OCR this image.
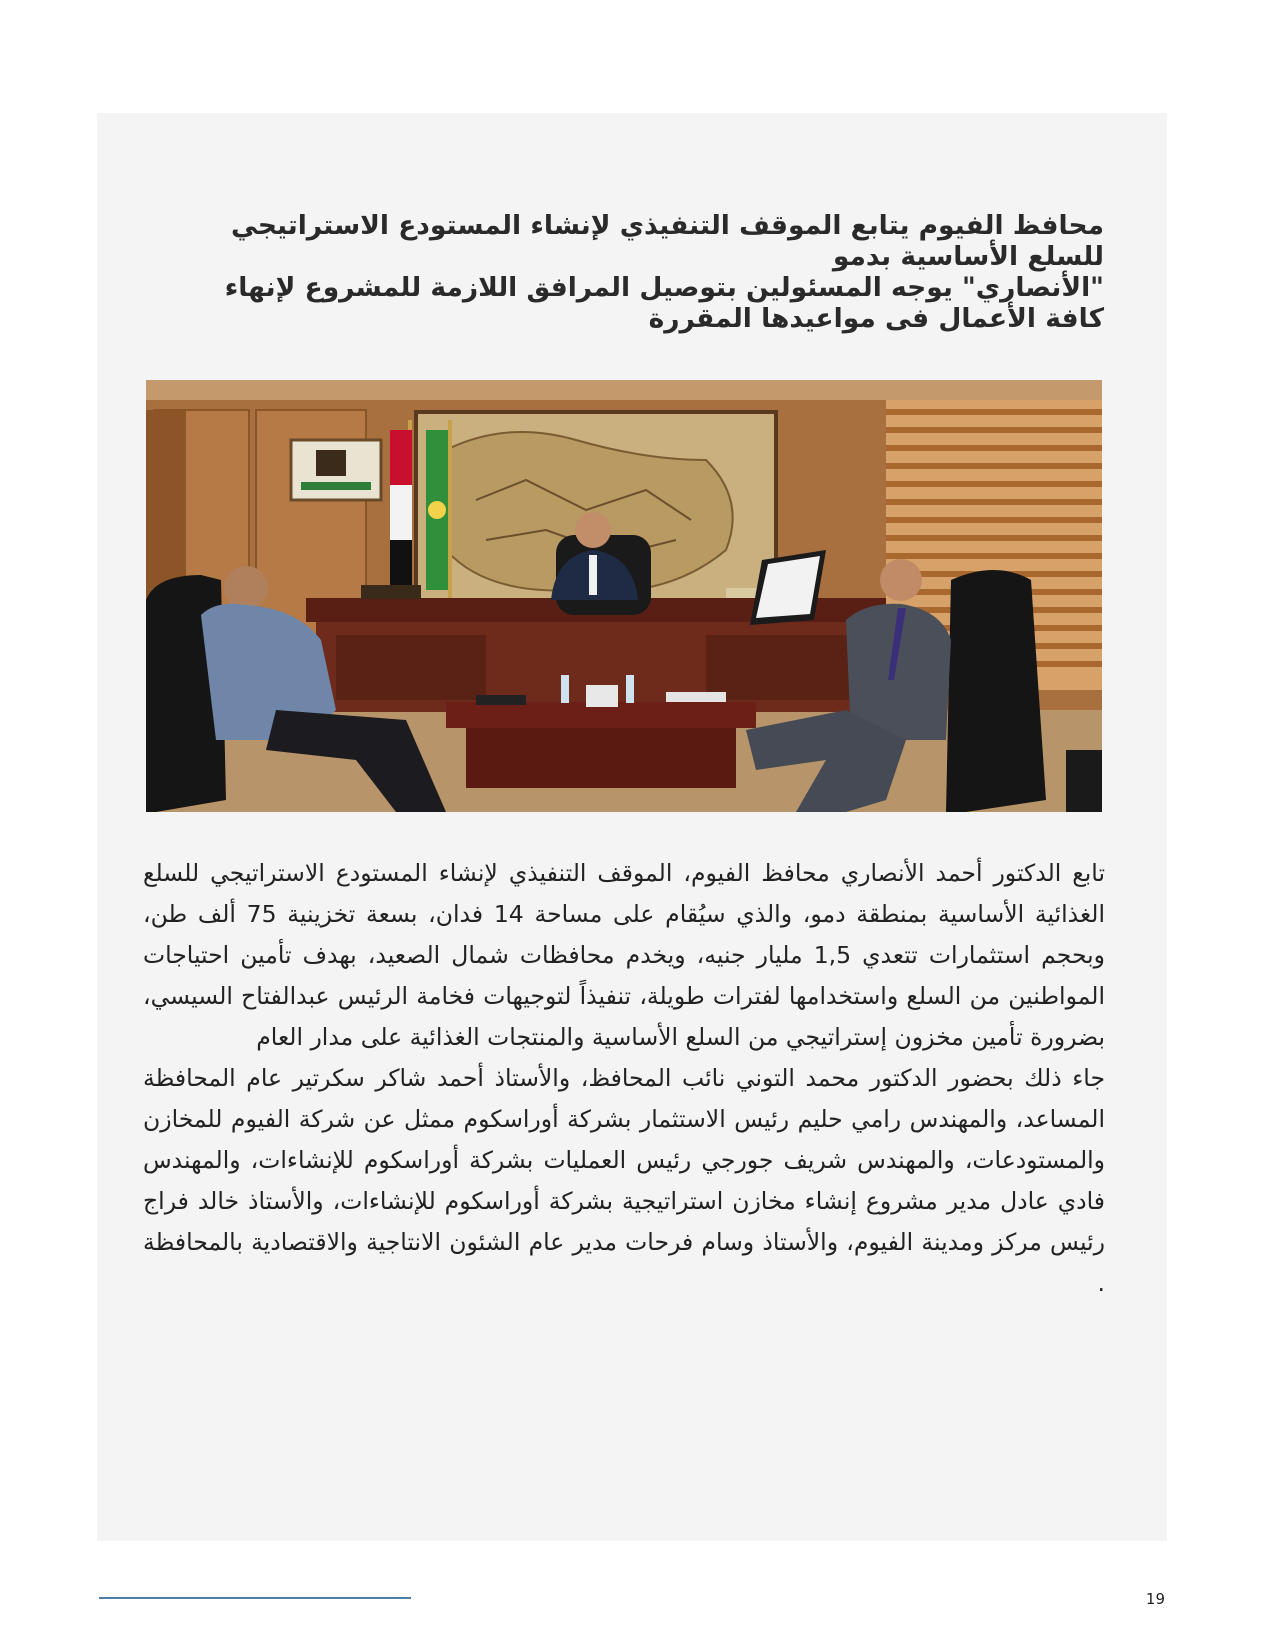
محافظ الفيوم يتابع الموقف التنفيذي لإنشاء المستودع الاستراتيجي
للسلع الأساسية بدمو
"الأنصاري" يوجه المسئولين بتوصيل المرافق اللازمة للمشروع لإنهاء
كافة الأعمال فى مواعيدها المقررة

تابع الدكتور أحمد الأنصاري محافظ الفيوم، الموقف التنفيذي لإنشاء المستودع الاستراتيجي للسلع الغذائية الأساسية بمنطقة دمو، والذي سيُقام على مساحة 14 فدان، بسعة تخزينية 75 ألف طن، وبحجم استثمارات تتعدي 1,5 مليار جنيه، ويخدم محافظات شمال الصعيد، بهدف تأمين احتياجات المواطنين من السلع واستخدامها لفترات طويلة، تنفيذاً لتوجيهات فخامة الرئيس عبدالفتاح السيسي، بضرورة تأمين مخزون إستراتيجي من السلع الأساسية والمنتجات الغذائية على مدار العام

جاء ذلك بحضور الدكتور محمد التوني نائب المحافظ، والأستاذ أحمد شاكر سكرتير عام المحافظة المساعد، والمهندس رامي حليم رئيس الاستثمار بشركة أوراسكوم ممثل عن شركة الفيوم للمخازن والمستودعات، والمهندس شريف جورجي رئيس العمليات بشركة أوراسكوم للإنشاءات، والمهندس فادي عادل مدير مشروع إنشاء مخازن استراتيجية بشركة أوراسكوم للإنشاءات، والأستاذ خالد فراج رئيس مركز ومدينة الفيوم، والأستاذ وسام فرحات مدير عام الشئون الانتاجية والاقتصادية بالمحافظة .

19
